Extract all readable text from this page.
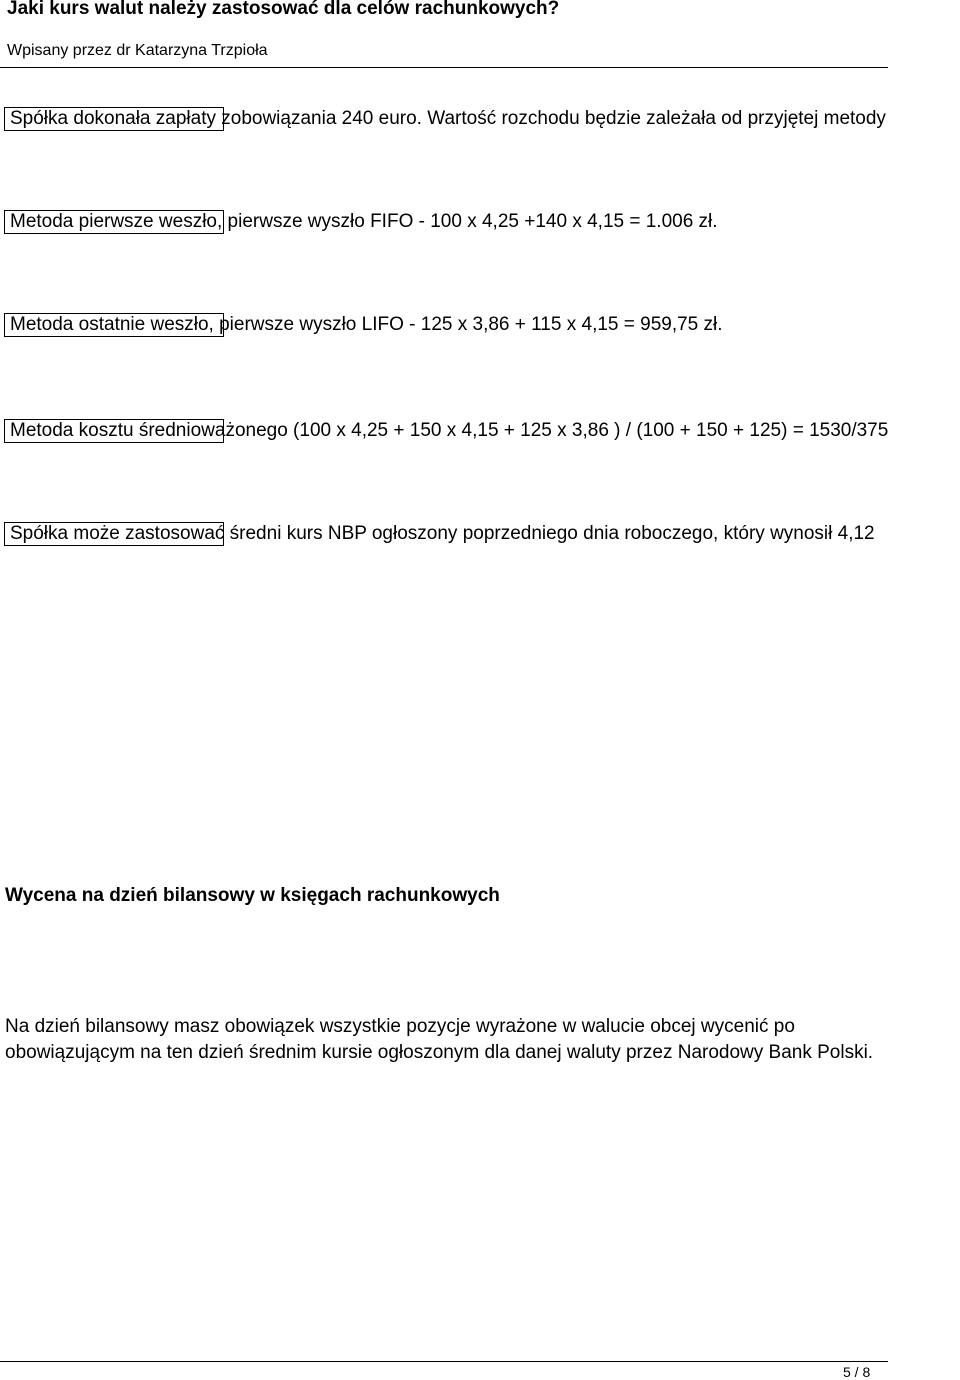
Jaki kurs walut należy zastosować dla celów rachunkowych?
Wpisany przez dr Katarzyna Trzpioła
Spółka dokonała zapłaty zobowiązania 240 euro. Wartość rozchodu będzie zależała od przyjętej metody
Metoda pierwsze weszło, pierwsze wyszło FIFO - 100 x 4,25 +140 x 4,15 = 1.006 zł.
Metoda ostatnie weszło, pierwsze wyszło LIFO - 125 x 3,86 + 115 x 4,15 = 959,75 zł.
Metoda kosztu średnioważonego (100 x 4,25 + 150 x 4,15 + 125 x 3,86 ) / (100 + 150 + 125) = 1530/375
Spółka może zastosować średni kurs NBP ogłoszony poprzedniego dnia roboczego, który wynosił 4,12
Wycena na dzień bilansowy w księgach rachunkowych
Na dzień bilansowy masz obowiązek wszystkie pozycje wyrażone w walucie obcej wycenić po obowiązującym na ten dzień średnim kursie ogłoszonym dla danej waluty przez Narodowy Bank Polski.
5 / 8
